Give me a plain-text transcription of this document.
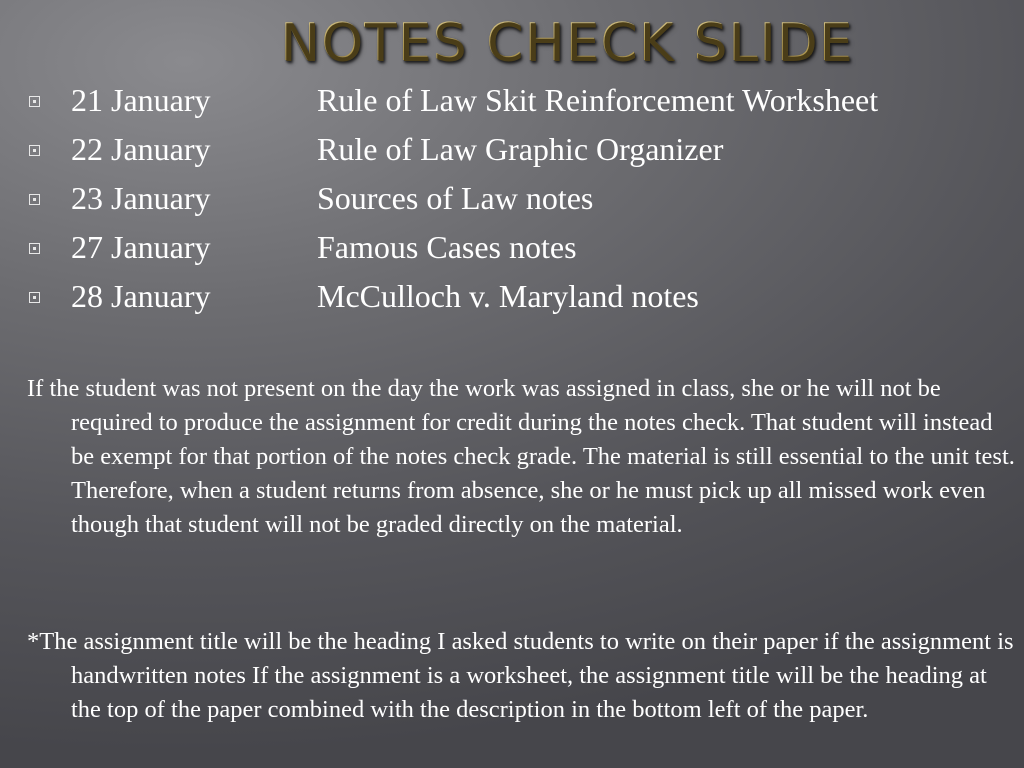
NOTES CHECK SLIDE
21 January	Rule of Law Skit Reinforcement Worksheet
22 January	Rule of Law Graphic Organizer
23 January	Sources of Law notes
27 January	Famous Cases notes
28 January	McCulloch v. Maryland notes

If the student was not present on the day the work was assigned in class, she or he will not be required to produce the assignment for credit during the notes check. That student will instead be exempt for that portion of the notes check grade. The material is still essential to the unit test. Therefore, when a student returns from absence, she or he must pick up all missed work even though that student will not be graded directly on the material.

*The assignment title will be the heading I asked students to write on their paper if the assignment is handwritten notes If the assignment is a worksheet, the assignment title will be the heading at the top of the paper combined with the description in the bottom left of the paper.
